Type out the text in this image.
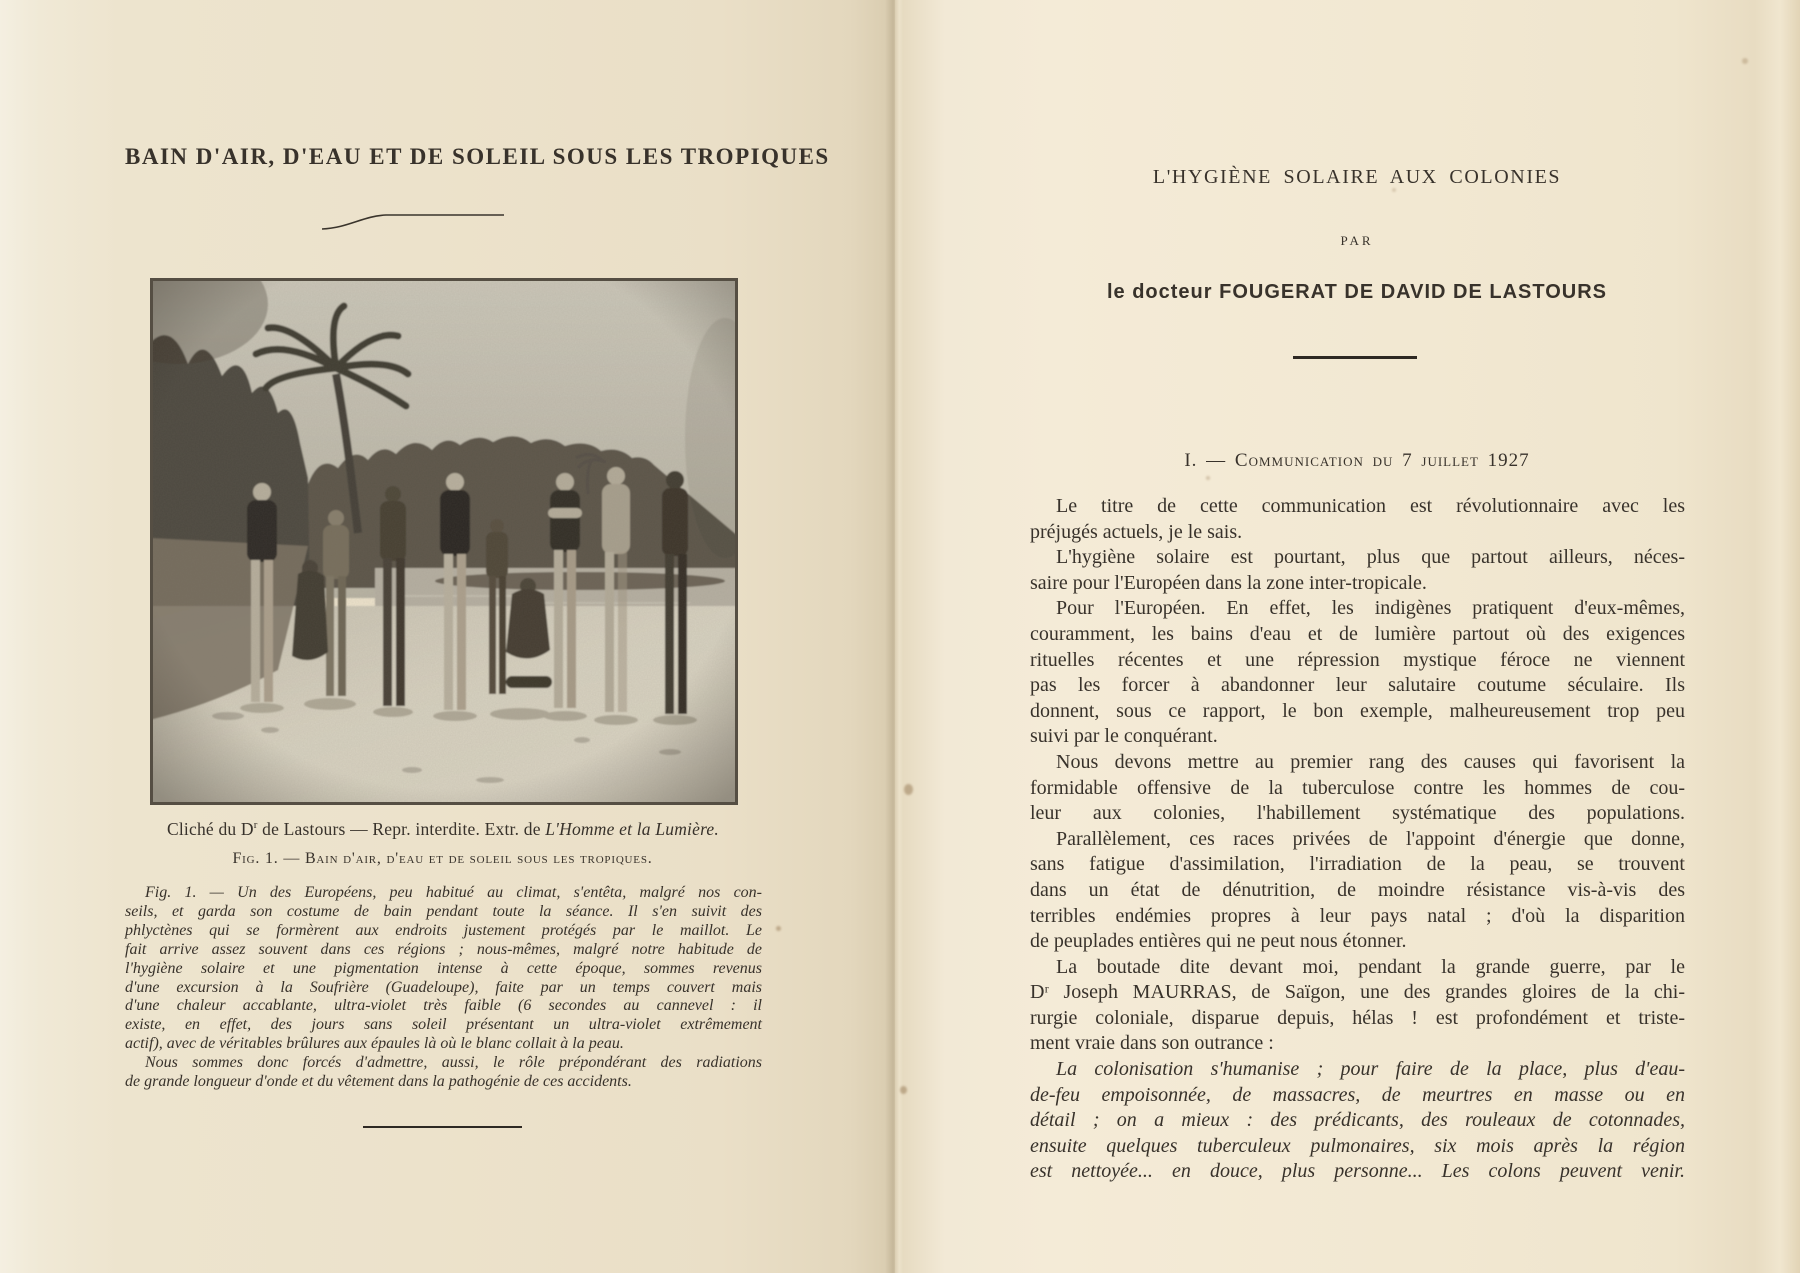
BAIN D'AIR, D'EAU ET DE SOLEIL SOUS LES TROPIQUES
Cliché du $D^r$ de Lastours — Repr. interdite. Extr. de L'Homme et la Lumière.
Fig. 1. — Bain d'air, d'eau et de soleil sous les tropiques.
Fig. 1. — Un des Européens, peu habitué au climat, s'entêta, malgré nos con-
seils, et garda son costume de bain pendant toute la séance. Il s'en suivit des
phlyctènes qui se formèrent aux endroits justement protégés par le maillot. Le
fait arrive assez souvent dans ces régions ; nous-mêmes, malgré notre habitude de
l'hygiène solaire et une pigmentation intense à cette époque, sommes revenus
d'une excursion à la Soufrière (Guadeloupe), faite par un temps couvert mais
d'une chaleur accablante, ultra-violet très faible (6 secondes au cannevel : il
existe, en effet, des jours sans soleil présentant un ultra-violet extrêmement
actif), avec de véritables brûlures aux épaules là où le blanc collait à la peau.
Nous sommes donc forcés d'admettre, aussi, le rôle prépondérant des radiations
de grande longueur d'onde et du vêtement dans la pathogénie de ces accidents.
L'HYGIÈNE SOLAIRE AUX COLONIES
PAR
le docteur FOUGERAT DE DAVID DE LASTOURS
I. — Communication du 7 juillet 1927
Le titre de cette communication est révolutionnaire avec les
préjugés actuels, je le sais.
L'hygiène solaire est pourtant, plus que partout ailleurs, néces-
saire pour l'Européen dans la zone inter-tropicale.
Pour l'Européen. En effet, les indigènes pratiquent d'eux-mêmes,
couramment, les bains d'eau et de lumière partout où des exigences
rituelles récentes et une répression mystique féroce ne viennent
pas les forcer à abandonner leur salutaire coutume séculaire. Ils
donnent, sous ce rapport, le bon exemple, malheureusement trop peu
suivi par le conquérant.
Nous devons mettre au premier rang des causes qui favorisent la
formidable offensive de la tuberculose contre les hommes de cou-
leur aux colonies, l'habillement systématique des populations.
Parallèlement, ces races privées de l'appoint d'énergie que donne,
sans fatigue d'assimilation, l'irradiation de la peau, se trouvent
dans un état de dénutrition, de moindre résistance vis-à-vis des
terribles endémies propres à leur pays natal ; d'où la disparition
de peuplades entières qui ne peut nous étonner.
La boutade dite devant moi, pendant la grande guerre, par le
Dʳ Joseph MAURRAS, de Saïgon, une des grandes gloires de la chi-
rurgie coloniale, disparue depuis, hélas ! est profondément et triste-
ment vraie dans son outrance :
La colonisation s'humanise ; pour faire de la place, plus d'eau-
de-feu empoisonnée, de massacres, de meurtres en masse ou en
détail ; on a mieux : des prédicants, des rouleaux de cotonnades,
ensuite quelques tuberculeux pulmonaires, six mois après la région
est nettoyée... en douce, plus personne... Les colons peuvent venir.
